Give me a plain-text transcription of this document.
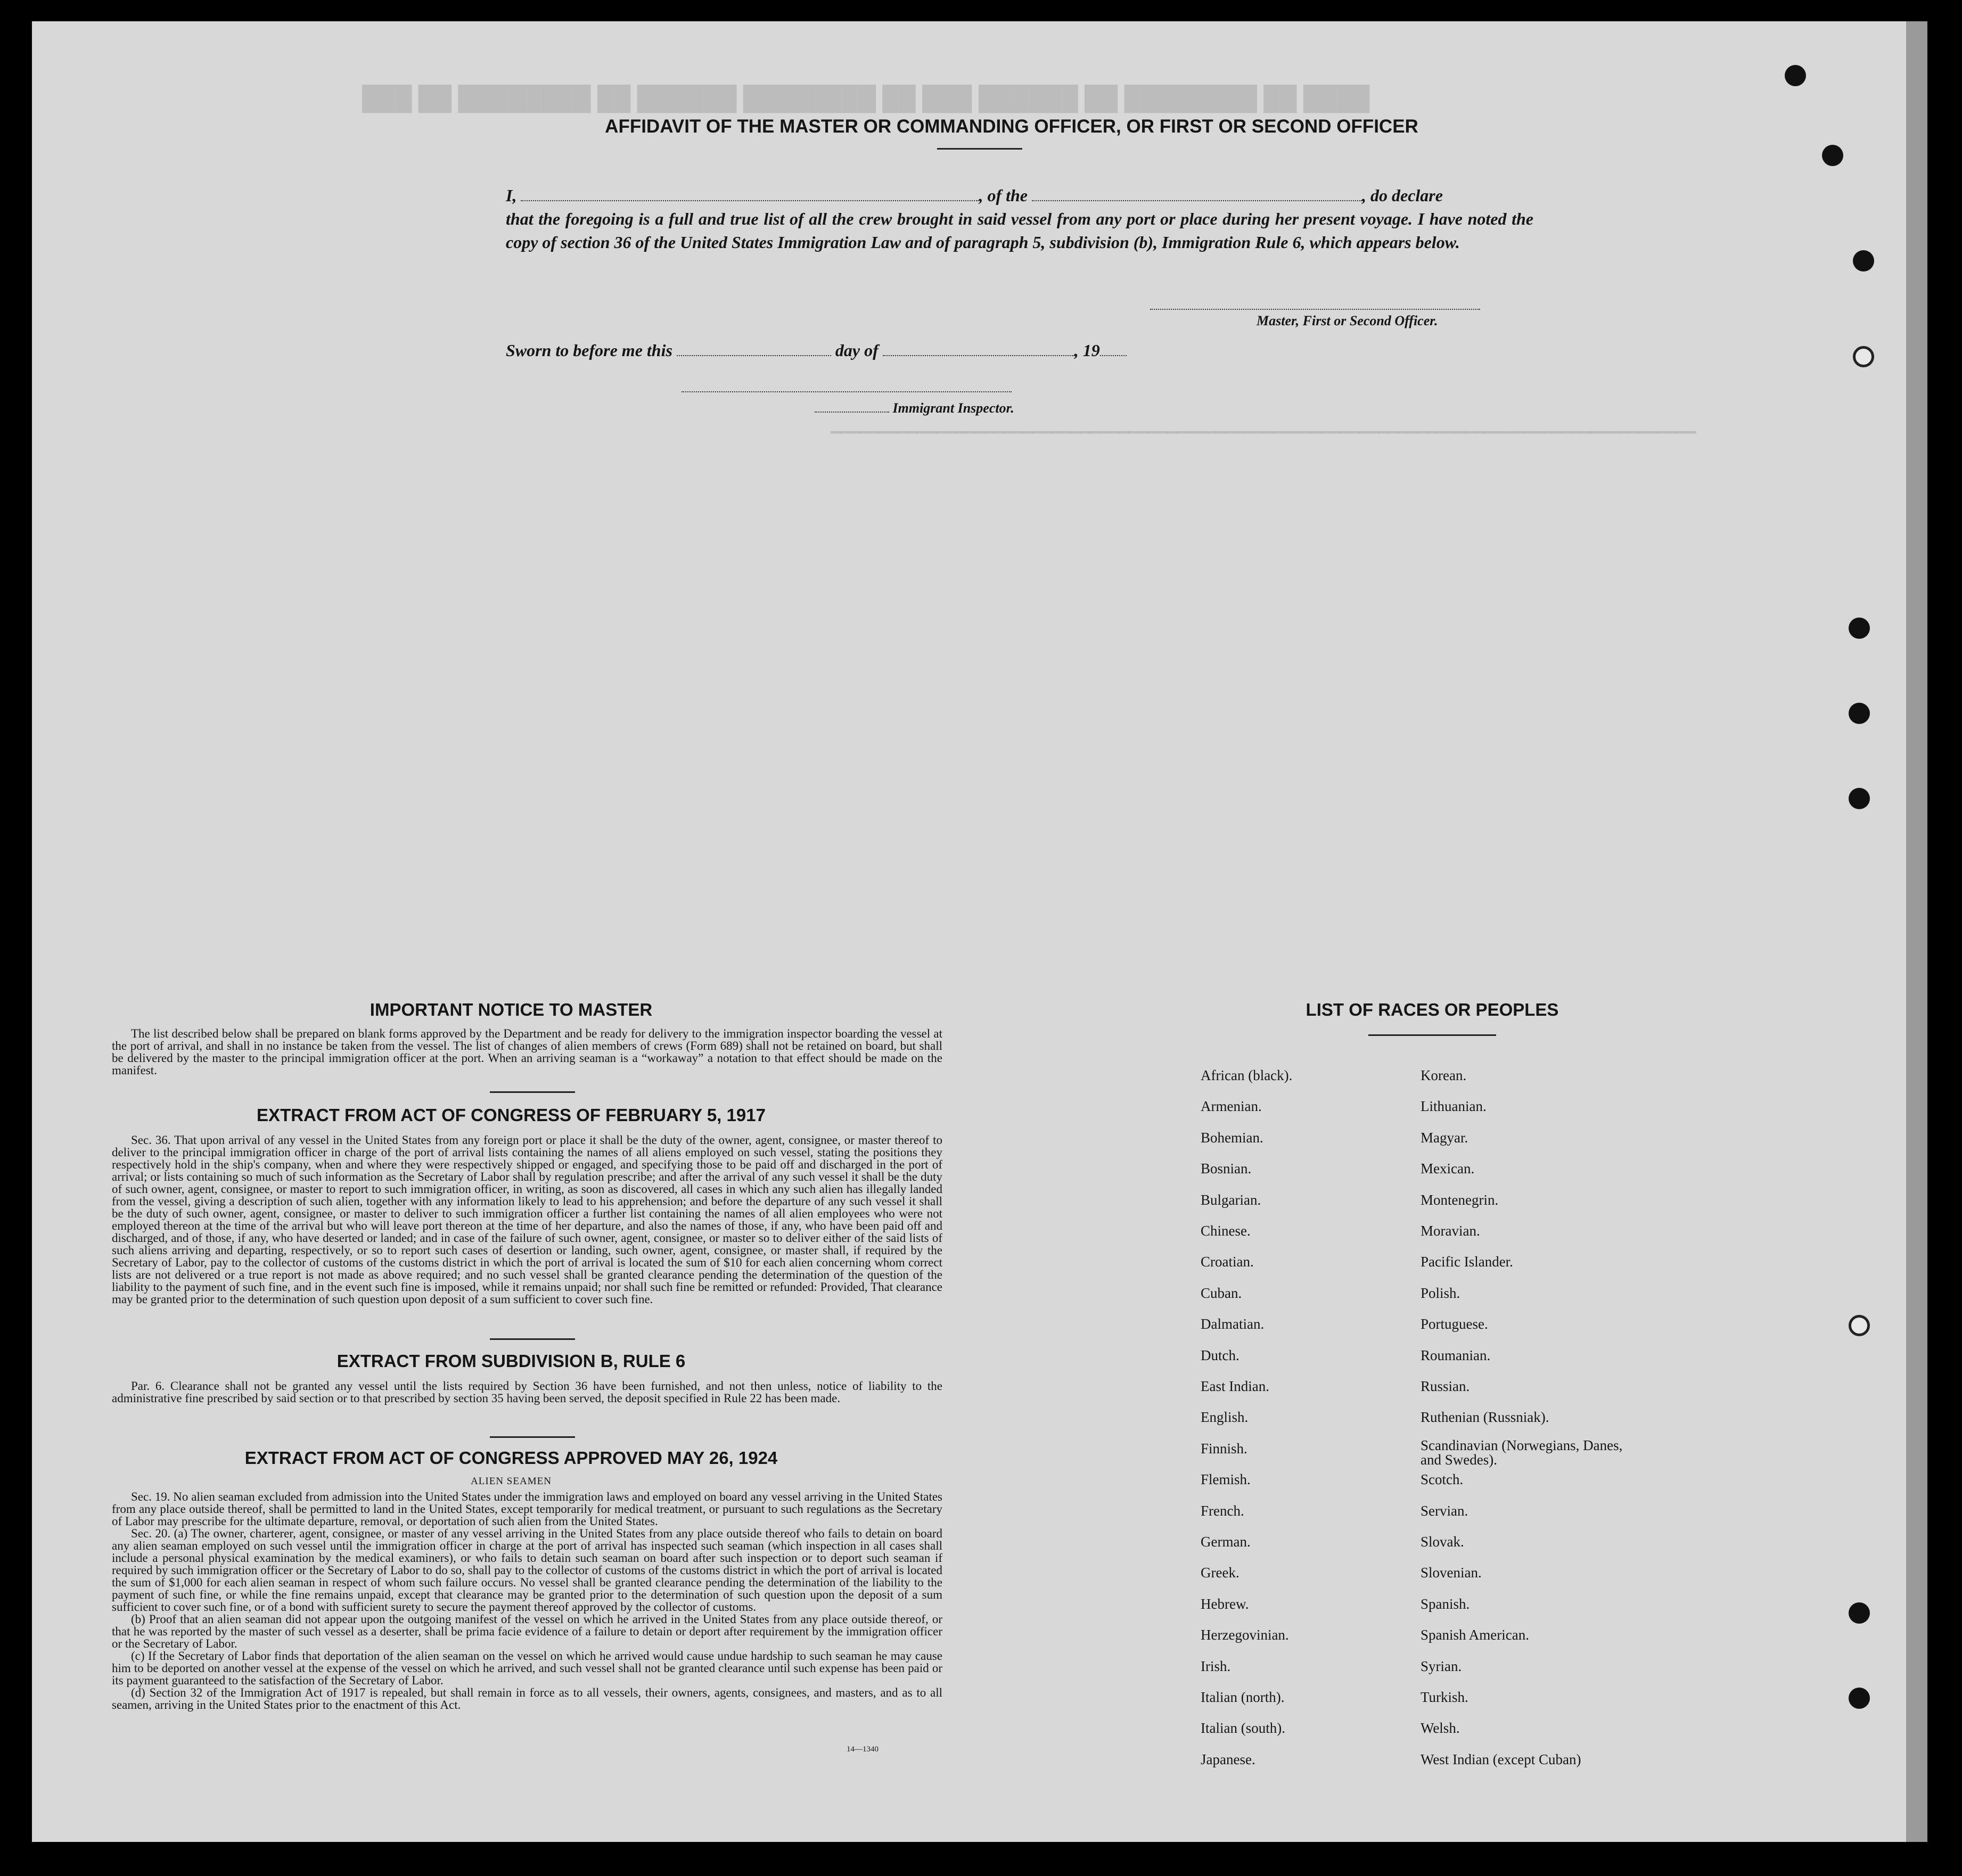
███ ██ ████████ ██ ██████ ████████ ██ ███ ██████ ██ ████████ ██ ████
▁▁▁▁▁▁▁▁▁▁▁▁▁▁▁▁▁▁▁▁▁▁▁▁▁▁▁▁▁▁▁▁▁▁▁▁▁▁▁▁▁▁▁▁▁▁▁▁▁▁▁▁▁▁▁▁▁▁▁▁▁▁▁▁▁▁▁▁▁▁▁▁▁▁▁▁▁▁▁▁▁▁▁▁▁▁▁▁▁▁
AFFIDAVIT OF THE MASTER OR COMMANDING OFFICER, OR FIRST OR SECOND OFFICER
I,	, of the	, do declare
that the foregoing is a full and true list of all the crew brought in said vessel from any port or place during her present voyage. I have noted the copy of section 36 of the United States Immigration Law and of paragraph 5, subdivision (b), Immigration Rule 6, which appears below.
Master, First or Second Officer.
Sworn to before me this	day of	, 19
Immigrant Inspector.
IMPORTANT NOTICE TO MASTER

The list described below shall be prepared on blank forms approved by the Department and be ready for delivery to the immigration inspector boarding the vessel at the port of arrival, and shall in no instance be taken from the vessel. The list of changes of alien members of crews (Form 689) shall not be retained on board, but shall be delivered by the master to the principal immigration officer at the port. When an arriving seaman is a “workaway” a notation to that effect should be made on the manifest.

EXTRACT FROM ACT OF CONGRESS OF FEBRUARY 5, 1917

Sec. 36. That upon arrival of any vessel in the United States from any foreign port or place it shall be the duty of the owner, agent, consignee, or master thereof to deliver to the principal immigration officer in charge of the port of arrival lists containing the names of all aliens employed on such vessel, stating the positions they respectively hold in the ship's company, when and where they were respectively shipped or engaged, and specifying those to be paid off and discharged in the port of arrival; or lists containing so much of such information as the Secretary of Labor shall by regulation prescribe; and after the arrival of any such vessel it shall be the duty of such owner, agent, consignee, or master to report to such immigration officer, in writing, as soon as discovered, all cases in which any such alien has illegally landed from the vessel, giving a description of such alien, together with any information likely to lead to his apprehension; and before the departure of any such vessel it shall be the duty of such owner, agent, consignee, or master to deliver to such immigration officer a further list containing the names of all alien employees who were not employed thereon at the time of the arrival but who will leave port thereon at the time of her departure, and also the names of those, if any, who have been paid off and discharged, and of those, if any, who have deserted or landed; and in case of the failure of such owner, agent, consignee, or master so to deliver either of the said lists of such aliens arriving and departing, respectively, or so to report such cases of desertion or landing, such owner, agent, consignee, or master shall, if required by the Secretary of Labor, pay to the collector of customs of the customs district in which the port of arrival is located the sum of $10 for each alien concerning whom correct lists are not delivered or a true report is not made as above required; and no such vessel shall be granted clearance pending the determination of the question of the liability to the payment of such fine, and in the event such fine is imposed, while it remains unpaid; nor shall such fine be remitted or refunded: Provided, That clearance may be granted prior to the determination of such question upon deposit of a sum sufficient to cover such fine.

EXTRACT FROM SUBDIVISION B, RULE 6

Par. 6. Clearance shall not be granted any vessel until the lists required by Section 36 have been furnished, and not then unless, notice of liability to the administrative fine prescribed by said section or to that prescribed by section 35 having been served, the deposit specified in Rule 22 has been made.

EXTRACT FROM ACT OF CONGRESS APPROVED MAY 26, 1924
ALIEN SEAMEN

Sec. 19. No alien seaman excluded from admission into the United States under the immigration laws and employed on board any vessel arriving in the United States from any place outside thereof, shall be permitted to land in the United States, except temporarily for medical treatment, or pursuant to such regulations as the Secretary of Labor may prescribe for the ultimate departure, removal, or deportation of such alien from the United States.

Sec. 20. (a) The owner, charterer, agent, consignee, or master of any vessel arriving in the United States from any place outside thereof who fails to detain on board any alien seaman employed on such vessel until the immigration officer in charge at the port of arrival has inspected such seaman (which inspection in all cases shall include a personal physical examination by the medical examiners), or who fails to detain such seaman on board after such inspection or to deport such seaman if required by such immigration officer or the Secretary of Labor to do so, shall pay to the collector of customs of the customs district in which the port of arrival is located the sum of $1,000 for each alien seaman in respect of whom such failure occurs. No vessel shall be granted clearance pending the determination of the liability to the payment of such fine, or while the fine remains unpaid, except that clearance may be granted prior to the determination of such question upon the deposit of a sum sufficient to cover such fine, or of a bond with sufficient surety to secure the payment thereof approved by the collector of customs.

(b) Proof that an alien seaman did not appear upon the outgoing manifest of the vessel on which he arrived in the United States from any place outside thereof, or that he was reported by the master of such vessel as a deserter, shall be prima facie evidence of a failure to detain or deport after requirement by the immigration officer or the Secretary of Labor.

(c) If the Secretary of Labor finds that deportation of the alien seaman on the vessel on which he arrived would cause undue hardship to such seaman he may cause him to be deported on another vessel at the expense of the vessel on which he arrived, and such vessel shall not be granted clearance until such expense has been paid or its payment guaranteed to the satisfaction of the Secretary of Labor.

(d) Section 32 of the Immigration Act of 1917 is repealed, but shall remain in force as to all vessels, their owners, agents, consignees, and masters, and as to all seamen, arriving in the United States prior to the enactment of this Act.

14—1340
LIST OF RACES OR PEOPLES
African (black).
Armenian.
Bohemian.
Bosnian.
Bulgarian.
Chinese.
Croatian.
Cuban.
Dalmatian.
Dutch.
East Indian.
English.
Finnish.
Flemish.
French.
German.
Greek.
Hebrew.
Herzegovinian.
Irish.
Italian (north).
Italian (south).
Japanese.
Korean.
Lithuanian.
Magyar.
Mexican.
Montenegrin.
Moravian.
Pacific Islander.
Polish.
Portuguese.
Roumanian.
Russian.
Ruthenian (Russniak).
Scandinavian (Norwegians, Danes, and Swedes).
Scotch.
Servian.
Slovak.
Slovenian.
Spanish.
Spanish American.
Syrian.
Turkish.
Welsh.
West Indian (except Cuban)
